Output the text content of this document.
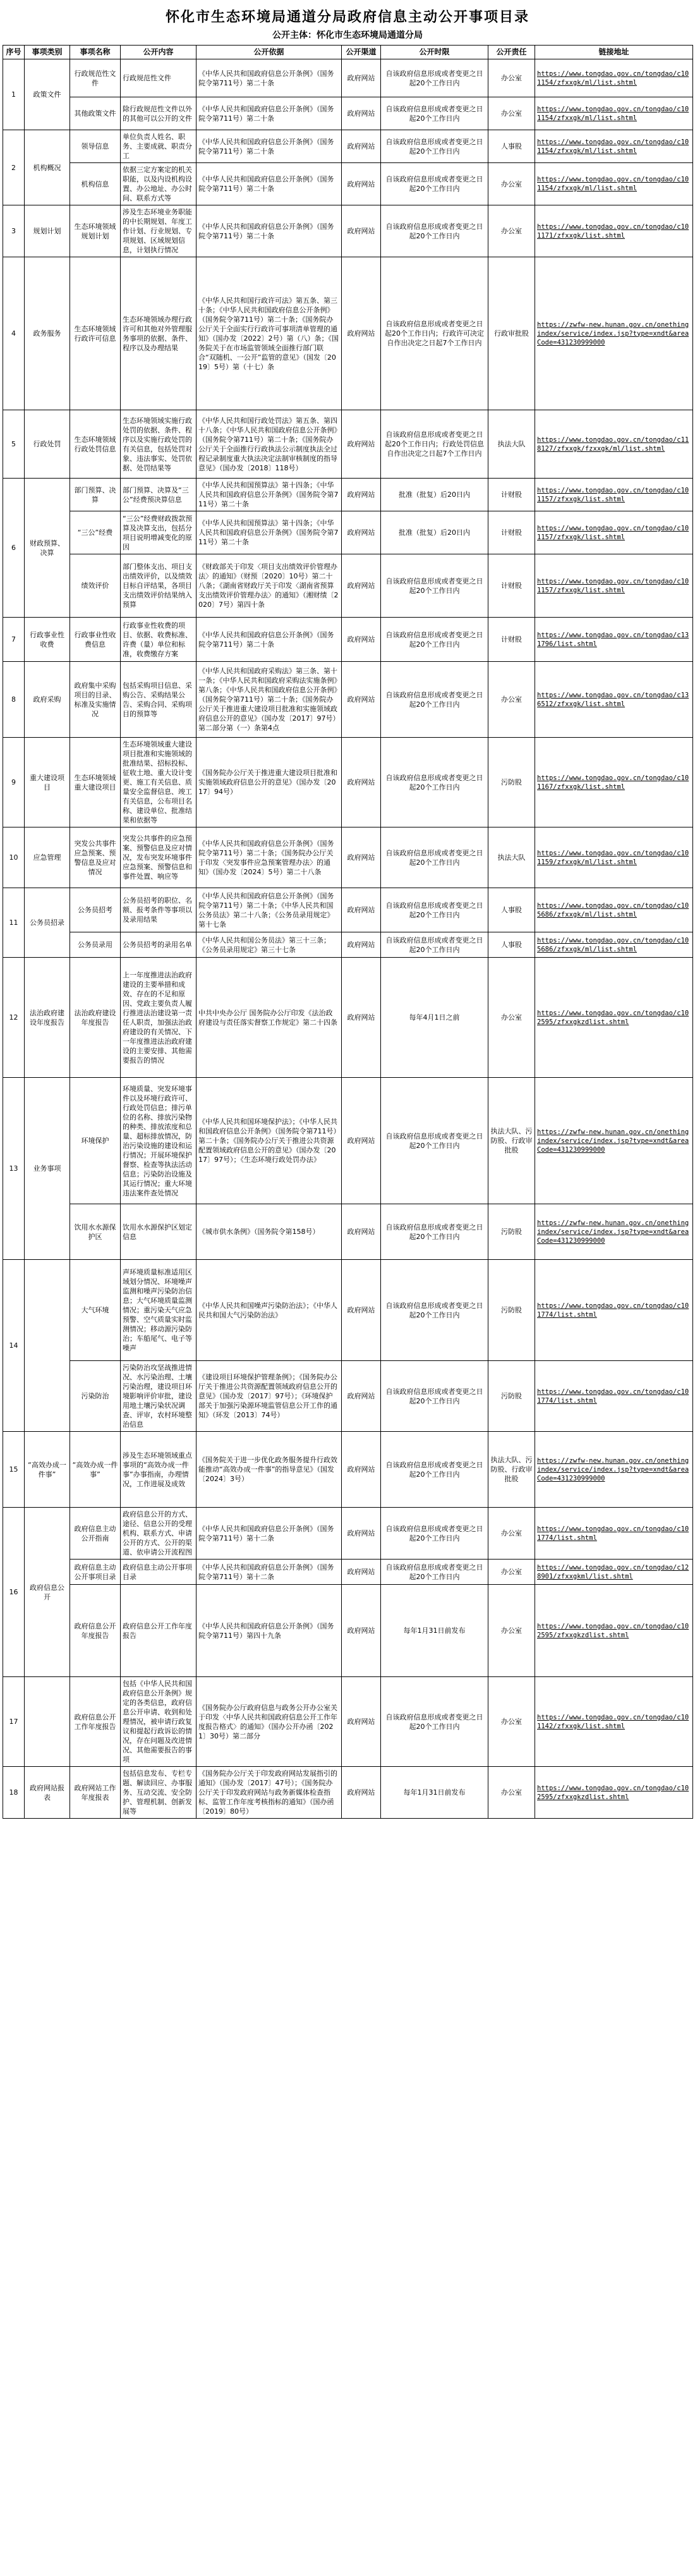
怀化市生态环境局通道分局政府信息主动公开事项目录
公开主体：怀化市生态环境局通道分局
序号	事项类别	事项名称	公开内容	公开依据	公开渠道	公开时限	公开责任	链接地址
1	政策文件	行政规范性文件	行政规范性文件	《中华人民共和国政府信息公开条例》（国务院令第711号）第二十条	政府网站	自该政府信息形成或者变更之日起20个工作日内	办公室	https://www.tongdao.gov.cn/tongdao/c101154/zfxxgk/ml/list.shtml
		其他政策文件	除行政规范性文件以外的其他可以公开的文件	《中华人民共和国政府信息公开条例》（国务院令第711号）第二十条	政府网站	自该政府信息形成或者变更之日起20个工作日内	办公室	https://www.tongdao.gov.cn/tongdao/c101154/zfxxgk/ml/list.shtml
2	机构概况	领导信息	单位负责人姓名、职务、主要成就、职责分工	《中华人民共和国政府信息公开条例》（国务院令第711号）第二十条	政府网站	自该政府信息形成或者变更之日起20个工作日内	人事股	https://www.tongdao.gov.cn/tongdao/c101154/zfxxgk/ml/list.shtml
		机构信息	依据三定方案定的机关职能，以及内设机构设置、办公地址、办公时间、联系方式等	《中华人民共和国政府信息公开条例》（国务院令第711号）第二十条	政府网站	自该政府信息形成或者变更之日起20个工作日内	办公室	https://www.tongdao.gov.cn/tongdao/c101154/zfxxgk/ml/list.shtml
3	规划计划	生态环境领域规划计划	涉及生态环境业务职能的中长期规划、年度工作计划、行业规划、专项规划、区域规划信息，计划执行情况	《中华人民共和国政府信息公开条例》（国务院令第711号）第二十条	政府网站	自该政府信息形成或者变更之日起20个工作日内	办公室	https://www.tongdao.gov.cn/tongdao/c101171/zfxxgk/list.shtml
4	政务服务	生态环境领域行政许可信息	生态环境领域办理行政许可和其他对外管理服务事项的依据、条件、程序以及办理结果	《中华人民共和国行政许可法》第五条、第三十条；《中华人民共和国政府信息公开条例》（国务院令第711号）第二十条；《国务院办公厅关于全面实行行政许可事项清单管理的通知》（国办发〔2022〕2号）第（八）条；《国务院关于在市场监管领域全面推行部门联合“双随机、一公开”监管的意见》（国发〔2019〕5号）第（十七）条	政府网站	自该政府信息形成或者变更之日起20个工作日内；行政许可决定自作出决定之日起7个工作日内	行政审批股	https://zwfw-new.hunan.gov.cn/onethingindex/service/index.jsp?type=xndt&areaCode=431230999000
5	行政处罚	生态环境领域行政处罚信息	生态环境领域实施行政处罚的依据、条件、程序以及实施行政处罚的有关信息，包括处罚对象、违法事实、处罚依据、处罚结果等	《中华人民共和国行政处罚法》第五条、第四十八条；《中华人民共和国政府信息公开条例》（国务院令第711号）第二十条；《国务院办公厅关于全面推行行政执法公示制度执法全过程记录制度重大执法决定法制审核制度的指导意见》（国办发〔2018〕118号）	政府网站	自该政府信息形成或者变更之日起20个工作日内；行政处罚信息自作出决定之日起7个工作日内	执法大队	https://www.tongdao.gov.cn/tongdao/c118127/zfxxgk/fzxxgk/ml/list.shtml
6	财政预算、决算	部门预算、决算	部门预算、决算及“三公”经费预决算信息	《中华人民共和国预算法》第十四条；《中华人民共和国政府信息公开条例》（国务院令第711号）第二十条	政府网站	批准（批复）后20日内	计财股	https://www.tongdao.gov.cn/tongdao/c101157/zfxxgk/list.shtml
		“三公”经费	“三公”经费财政拨款预算及决算支出，包括分项目说明增减变化的原因	《中华人民共和国预算法》第十四条；《中华人民共和国政府信息公开条例》（国务院令第711号）第二十条	政府网站	批准（批复）后20日内	计财股	https://www.tongdao.gov.cn/tongdao/c101157/zfxxgk/list.shtml
		绩效评价	部门整体支出、项目支出绩效评价，以及绩效目标自评结果，各项目支出绩效评价结果纳入预算	《财政部关于印发〈项目支出绩效评价管理办法〉的通知》（财预〔2020〕10号）第二十八条；《湖南省财政厅关于印发〈湖南省预算支出绩效评价管理办法〉的通知》（湘财绩〔2020〕7号）第四十条	政府网站	自该政府信息形成或者变更之日起20个工作日内	计财股	https://www.tongdao.gov.cn/tongdao/c101157/zfxxgk/list.shtml
7	行政事业性收费	行政事业性收费信息	行政事业性收费的项目、依据、收费标准、许费（量）单位和标准，收费缴存方案	《中华人民共和国政府信息公开条例》（国务院令第711号）第二十条	政府网站	自该政府信息形成或者变更之日起20个工作日内	计财股	https://www.tongdao.gov.cn/tongdao/c131796/list.shtml
8	政府采购	政府集中采购项目的目录、标准及实施情况	包括采购项目信息、采购公告、采购结果公告、采购合同、采购项目的预算等	《中华人民共和国政府采购法》第三条、第十一条；《中华人民共和国政府采购法实施条例》第八条；《中华人民共和国政府信息公开条例》（国务院令第711号）第二十条；《国务院办公厅关于推进重大建设项目批准和实施领域政府信息公开的意见》（国办发〔2017〕97号）第二部分第（一）条第4点	政府网站	自该政府信息形成或者变更之日起20个工作日内	办公室	https://www.tongdao.gov.cn/tongdao/c136512/zfxxgk/list.shtml
9	重大建设项目	生态环境领域重大建设项目	生态环境领域重大建设项目批准和实施领域的批准结果、招标投标、征收土地、重大设计变更、施工有关信息、质量安全监督信息、竣工有关信息，公布项目名称、建设单位、批准结果和依据等	《国务院办公厅关于推进重大建设项目批准和实施领域政府信息公开的意见》（国办发〔2017〕94号）	政府网站	自该政府信息形成或者变更之日起20个工作日内	污防股	https://www.tongdao.gov.cn/tongdao/c101167/zfxxgk/list.shtml
10	应急管理	突发公共事件应急预案、预警信息及应对情况	突发公共事件的应急预案、预警信息及应对情况，发布突发环境事件应急预案、预警信息和事件处置、响应等	《中华人民共和国政府信息公开条例》（国务院令第711号）第二十条；《国务院办公厅关于印发〈突发事件应急预案管理办法〉的通知》（国办发〔2024〕5号）第二十八条	政府网站	自该政府信息形成或者变更之日起20个工作日内	执法大队	https://www.tongdao.gov.cn/tongdao/c101159/zfxxgk/ml/list.shtml
11	公务员招录	公务员招考	公务员招考的职位、名额、报考条件等事项以及录用结果	《中华人民共和国政府信息公开条例》（国务院令第711号）第二十条；《中华人民共和国公务员法》第二十八条；《公务员录用规定》第十七条	政府网站	自该政府信息形成或者变更之日起20个工作日内	人事股	https://www.tongdao.gov.cn/tongdao/c105686/zfxxgk/ml/list.shtml
		公务员录用	公务员招考的录用名单	《中华人民共和国公务员法》第三十三条；《公务员录用规定》第三十七条	政府网站	自该政府信息形成或者变更之日起20个工作日内	人事股	https://www.tongdao.gov.cn/tongdao/c105686/zfxxgk/ml/list.shtml
12	法治政府建设年度报告	法治政府建设年度报告	上一年度推进法治政府建设的主要举措和成效、存在的不足和原因、党政主要负责人履行推进法治建设第一责任人职责，加强法治政府建设的有关情况、下一年度推进法治政府建设的主要安排、其他需要报告的情况	中共中央办公厅 国务院办公厅印发《法治政府建设与责任落实督察工作规定》第二十四条	政府网站	每年4月1日之前	办公室	https://www.tongdao.gov.cn/tongdao/c102595/zfxxgkzdlist.shtml
13	业务事项	环境保护	环境质量、突发环境事件以及环境行政许可、行政处罚信息；排污单位的名称、排放污染物的种类、排放浓度和总量、超标排放情况，防治污染设施的建设和运行情况；开展环境保护督察、检查等执法活动信息；污染防治设施及其运行情况；重大环境违法案件查处情况	《中华人民共和国环境保护法》；《中华人民共和国政府信息公开条例》（国务院令第711号）第二十条；《国务院办公厅关于推进公共资源配置领域政府信息公开的意见》（国办发〔2017〕97号）；《生态环境行政处罚办法》	政府网站	自该政府信息形成或者变更之日起20个工作日内	执法大队、污防股、行政审批股	https://zwfw-new.hunan.gov.cn/onethingindex/service/index.jsp?type=xndt&areaCode=431230999000
		饮用水水源保护区	饮用水水源保护区划定信息	《城市供水条例》（国务院令第158号）	政府网站	自该政府信息形成或者变更之日起20个工作日内	污防股	https://zwfw-new.hunan.gov.cn/onethingindex/service/index.jsp?type=xndt&areaCode=431230999000
14		大气环境	声环境质量标准适用区域划分情况、环境噪声监测和噪声污染防治信息；大气环境质量监测情况；重污染天气应急预警、空气质量实时监测情况；移动源污染防治；车船尾气、电子等噪声	《中华人民共和国噪声污染防治法》；《中华人民共和国大气污染防治法》	政府网站	自该政府信息形成或者变更之日起20个工作日内	污防股	https://www.tongdao.gov.cn/tongdao/c101774/list.shtml
		污染防治	污染防治攻坚战推进情况、水污染治理、土壤污染治理，建设项目环境影响评价审批，建设用地土壤污染状况调查、评审，农村环境整治信息	《建设项目环境保护管理条例》；《国务院办公厅关于推进公共资源配置领域政府信息公开的意见》（国办发〔2017〕97号）；《环境保护部关于加强污染源环境监管信息公开工作的通知》（环发〔2013〕74号）	政府网站	自该政府信息形成或者变更之日起20个工作日内	污防股	https://www.tongdao.gov.cn/tongdao/c101774/list.shtml
15	“高效办成一件事”	“高效办成一件事”	涉及生态环境领域重点事项的“高效办成一件事”办事指南，办理情况，工作进展及成效	《国务院关于进一步优化政务服务提升行政效能推动“高效办成一件事”的指导意见》（国发〔2024〕3号）	政府网站	自该政府信息形成或者变更之日起20个工作日内	执法大队、污防股、行政审批股	https://zwfw-new.hunan.gov.cn/onethingindex/service/index.jsp?type=xndt&areaCode=431230999000
16	政府信息公开	政府信息主动公开指南	政府信息公开的方式、途径、信息公开的受理机构、联系方式、申请公开的方式、公开的渠道、依申请公开流程图	《中华人民共和国政府信息公开条例》（国务院令第711号）第十二条	政府网站	自该政府信息形成或者变更之日起20个工作日内	办公室	https://www.tongdao.gov.cn/tongdao/c101774/list.shtml
		政府信息主动公开事项目录	政府信息主动公开事项目录	《中华人民共和国政府信息公开条例》（国务院令第711号）第十二条	政府网站	自该政府信息形成或者变更之日起20个工作日内	办公室	https://www.tongdao.gov.cn/tongdao/c128901/zfxxgkml/list.shtml
		政府信息公开年度报告	政府信息公开工作年度报告	《中华人民共和国政府信息公开条例》（国务院令第711号）第四十九条	政府网站	每年1月31日前发布	办公室	https://www.tongdao.gov.cn/tongdao/c102595/zfxxgkzdlist.shtml
17		政府信息公开工作年度报告	包括《中华人民共和国政府信息公开条例》规定的各类信息，政府信息公开申请、收到和处理情况，被申请行政复议和提起行政诉讼的情况，存在问题及改进情况、其他需要报告的事项	《国务院办公厅政府信息与政务公开办公室关于印发〈中华人民共和国政府信息公开工作年度报告格式〉的通知》（国办公开办函〔2021〕30号）第二部分	政府网站	自该政府信息形成或者变更之日起20个工作日内	办公室	https://www.tongdao.gov.cn/tongdao/c101142/zfxxgk/list.shtml
18	政府网站报表	政府网站工作年度报表	包括信息发布、专栏专题、解读回应、办事服务、互动交流、安全防护、管理机制、创新发展等	《国务院办公厅关于印发政府网站发展指引的通知》（国办发〔2017〕47号）；《国务院办公厅关于印发政府网站与政务新媒体检查指标、监管工作年度考核指标的通知》（国办函〔2019〕80号）	政府网站	每年1月31日前发布	办公室	https://www.tongdao.gov.cn/tongdao/c102595/zfxxgkzdlist.shtml
